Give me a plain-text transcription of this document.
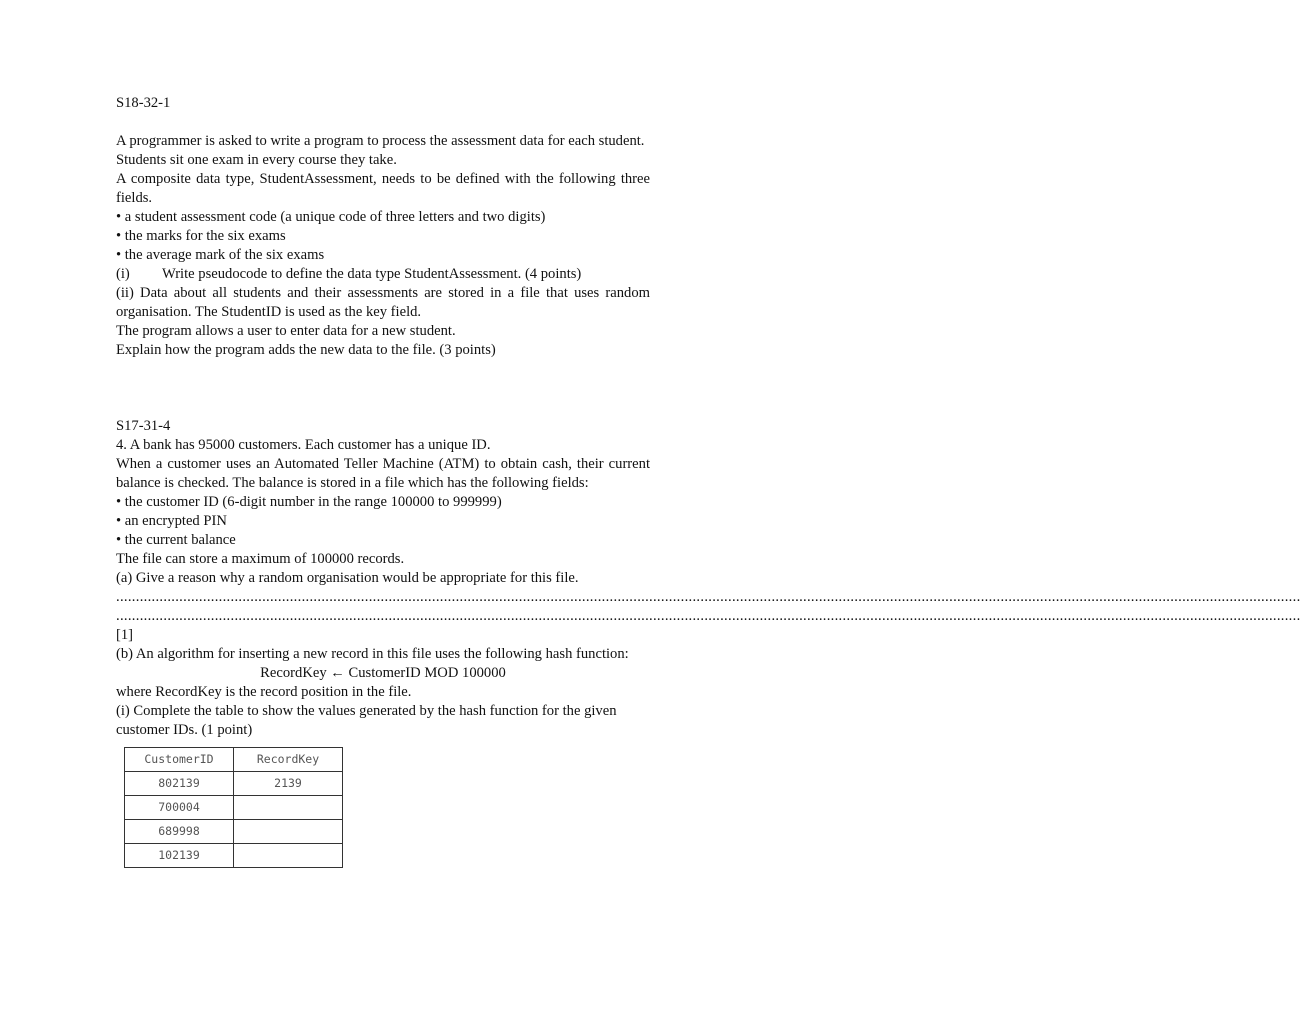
S18-32-1

A programmer is asked to write a program to process the assessment data for each student.

Students sit one exam in every course they take.

A composite data type, StudentAssessment, needs to be defined with the following three fields.

• a student assessment code (a unique code of three letters and two digits)

• the marks for the six exams

• the average mark of the six exams

(i) Write pseudocode to define the data type StudentAssessment. (4 points)

(ii) Data about all students and their assessments are stored in a file that uses random organisation. The StudentID is used as the key field.

The program allows a user to enter data for a new student.

Explain how the program adds the new data to the file. (3 points)

S17-31-4

4. A bank has 95000 customers. Each customer has a unique ID.

When a customer uses an Automated Teller Machine (ATM) to obtain cash, their current balance is checked. The balance is stored in a file which has the following fields:

• the customer ID (6-digit number in the range 100000 to 999999)

• an encrypted PIN

• the current balance

The file can store a maximum of 100000 records.

(a) Give a reason why a random organisation would be appropriate for this file.

............................................................................................................................................................................................................................................................................................................

............................................................................................................................................................................................................................................................................................................

[1]

(b) An algorithm for inserting a new record in this file uses the following hash function:

RecordKey ← CustomerID MOD 100000

where RecordKey is the record position in the file.

(i) Complete the table to show the values generated by the hash function for the given customer IDs. (1 point)

CustomerID	RecordKey
802139	2139
700004	
689998	
102139	
